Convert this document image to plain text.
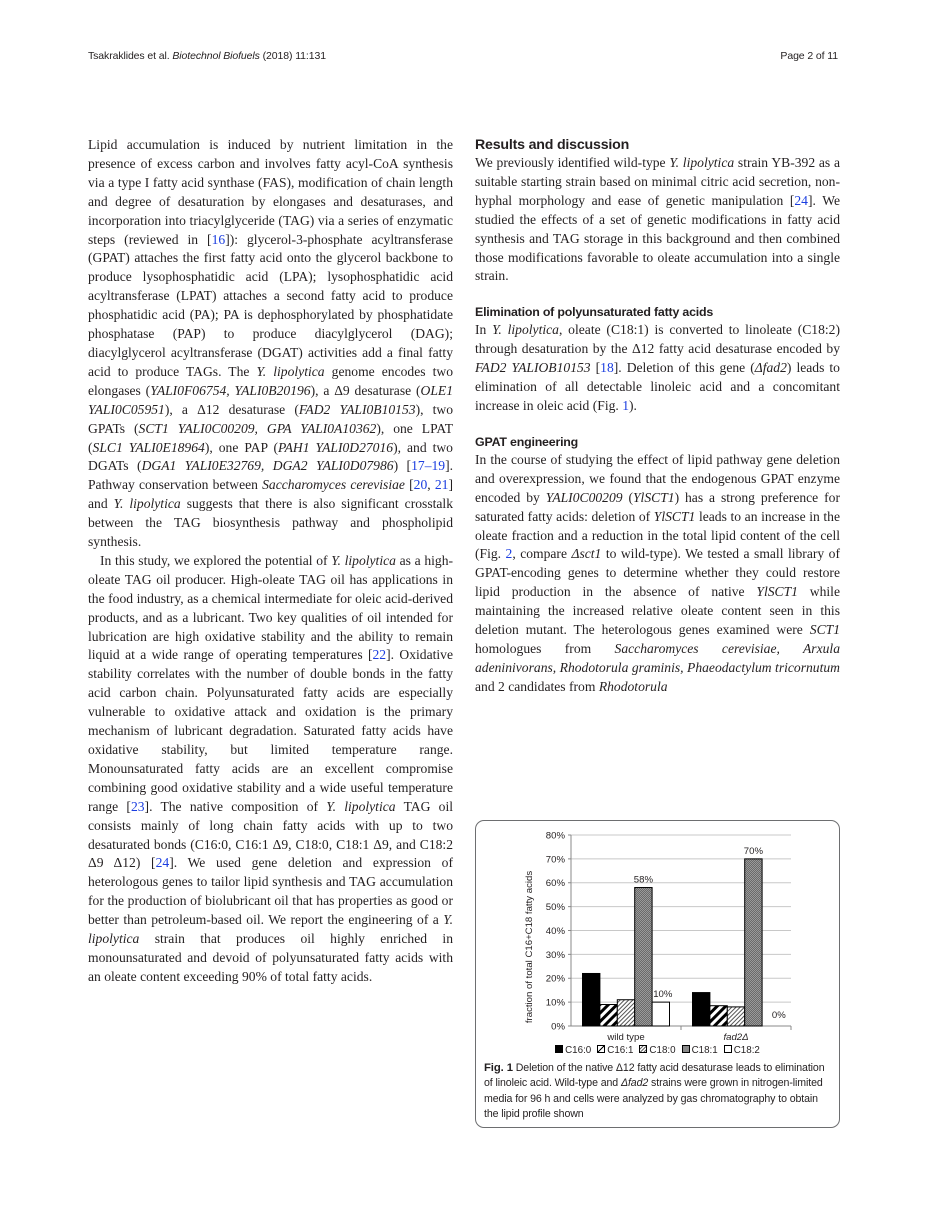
Tsakraklides et al. Biotechnol Biofuels (2018) 11:131	Page 2 of 11

Lipid accumulation is induced by nutrient limitation in the presence of excess carbon and involves fatty acyl-CoA synthesis via a type I fatty acid synthase (FAS), modification of chain length and degree of desaturation by elongases and desaturases, and incorporation into triacylglyceride (TAG) via a series of enzymatic steps (reviewed in [16]): glycerol-3-phosphate acyltransferase (GPAT) attaches the first fatty acid onto the glycerol backbone to produce lysophosphatidic acid (LPA); lysophosphatidic acid acyltransferase (LPAT) attaches a second fatty acid to produce phosphatidic acid (PA); PA is dephosphorylated by phosphatidate phosphatase (PAP) to produce diacylglycerol (DAG); diacylglycerol acyltransferase (DGAT) activities add a final fatty acid to produce TAGs. The Y. lipolytica genome encodes two elongases (YALI0F06754, YALI0B20196), a Δ9 desaturase (OLE1 YALI0C05951), a Δ12 desaturase (FAD2 YALI0B10153), two GPATs (SCT1 YALI0C00209, GPA YALI0A10362), one LPAT (SLC1 YALI0E18964), one PAP (PAH1 YALI0D27016), and two DGATs (DGA1 YALI0E32769, DGA2 YALI0D07986) [17–19]. Pathway conservation between Saccharomyces cerevisiae [20, 21] and Y. lipolytica suggests that there is also significant crosstalk between the TAG biosynthesis pathway and phospholipid synthesis.

In this study, we explored the potential of Y. lipolytica as a high-oleate TAG oil producer. High-oleate TAG oil has applications in the food industry, as a chemical intermediate for oleic acid-derived products, and as a lubricant. Two key qualities of oil intended for lubrication are high oxidative stability and the ability to remain liquid at a wide range of operating temperatures [22]. Oxidative stability correlates with the number of double bonds in the fatty acid carbon chain. Polyunsaturated fatty acids are especially vulnerable to oxidative attack and oxidation is the primary mechanism of lubricant degradation. Saturated fatty acids have oxidative stability, but limited temperature range. Monounsaturated fatty acids are an excellent compromise combining good oxidative stability and a wide useful temperature range [23]. The native composition of Y. lipolytica TAG oil consists mainly of long chain fatty acids with up to two desaturated bonds (C16:0, C16:1 Δ9, C18:0, C18:1 Δ9, and C18:2 Δ9 Δ12) [24]. We used gene deletion and expression of heterologous genes to tailor lipid synthesis and TAG accumulation for the production of biolubricant oil that has properties as good or better than petroleum-based oil. We report the engineering of a Y. lipolytica strain that produces oil highly enriched in monounsaturated and devoid of polyunsaturated fatty acids with an oleate content exceeding 90% of total fatty acids.

Results and discussion

We previously identified wild-type Y. lipolytica strain YB-392 as a suitable starting strain based on minimal citric acid secretion, non-hyphal morphology and ease of genetic manipulation [24]. We studied the effects of a set of genetic modifications in fatty acid synthesis and TAG storage in this background and then combined those modifications favorable to oleate accumulation into a single strain.

Elimination of polyunsaturated fatty acids

In Y. lipolytica, oleate (C18:1) is converted to linoleate (C18:2) through desaturation by the Δ12 fatty acid desaturase encoded by FAD2 YALIOB10153 [18]. Deletion of this gene (Δfad2) leads to elimination of all detectable linoleic acid and a concomitant increase in oleic acid (Fig. 1).

GPAT engineering

In the course of studying the effect of lipid pathway gene deletion and overexpression, we found that the endogenous GPAT enzyme encoded by YALI0C00209 (YlSCT1) has a strong preference for saturated fatty acids: deletion of YlSCT1 leads to an increase in the oleate fraction and a reduction in the total lipid content of the cell (Fig. 2, compare Δsct1 to wild-type). We tested a small library of GPAT-encoding genes to determine whether they could restore lipid production in the absence of native YlSCT1 while maintaining the increased relative oleate content seen in this deletion mutant. The heterologous genes examined were SCT1 homologues from Saccharomyces cerevisiae, Arxula adeninivorans, Rhodotorula graminis, Phaeodactylum tricornutum and 2 candidates from Rhodotorula

0%
10%
20%
30%
40%
50%
60%
70%
80%
58%
10%
70%
0%
wild type	fad2Δ
fraction of total C16+C18 fatty acids
C16:0 C16:1 C18:0 C18:1 C18:2
Fig. 1 Deletion of the native Δ12 fatty acid desaturase leads to elimination of linoleic acid. Wild-type and Δfad2 strains were grown in nitrogen-limited media for 96 h and cells were analyzed by gas chromatography to obtain the lipid profile shown
